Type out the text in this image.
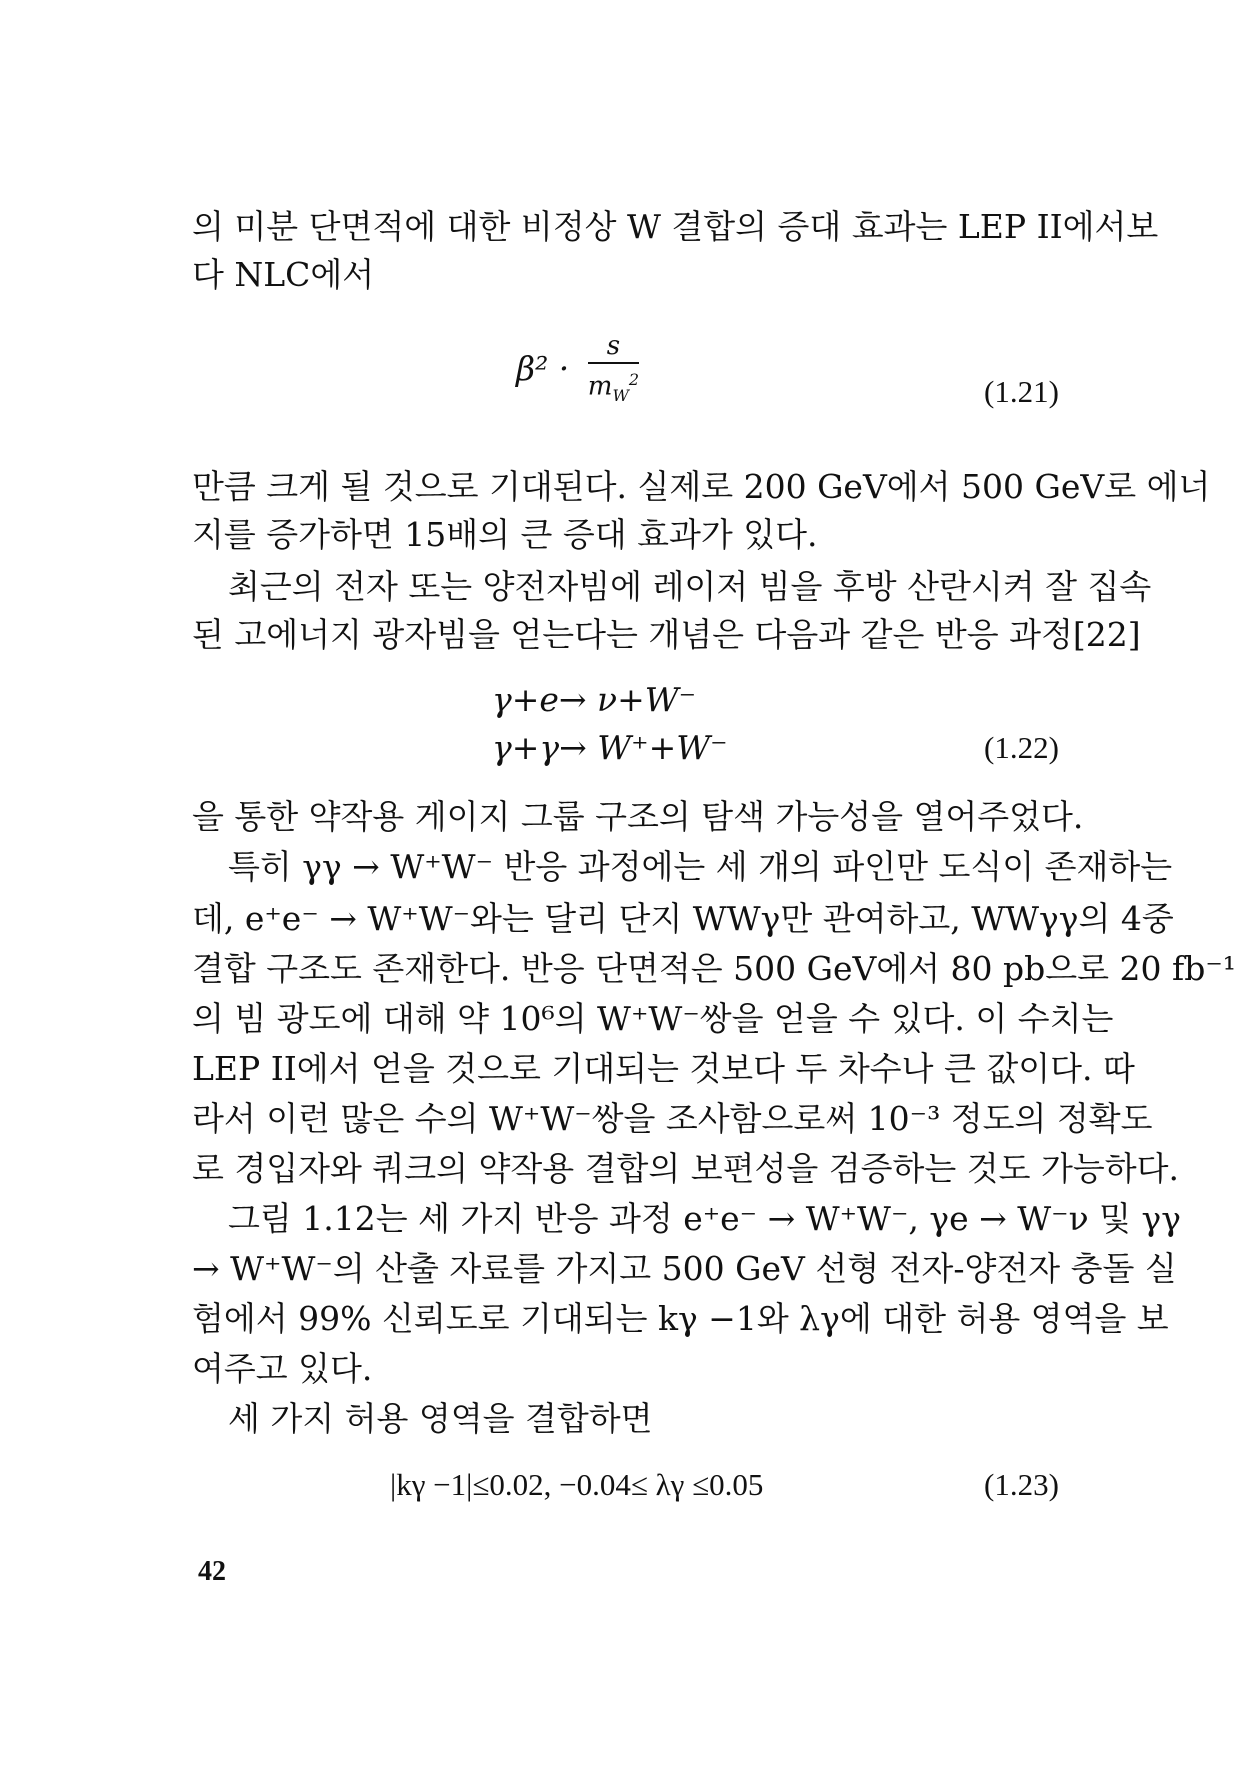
의 미분 단면적에 대한 비정상 W 결합의 증대 효과는 LEP II에서보
다 NLC에서
$\beta^2 \cdot \frac{s}{m_W^2}$	(1.21)
만큼 크게 될 것으로 기대된다. 실제로 200 GeV에서 500 GeV로 에너
지를 증가하면 15배의 큰 증대 효과가 있다.
최근의 전자 또는 양전자빔에 레이저 빔을 후방 산란시켜 잘 집속
된 고에너지 광자빔을 얻는다는 개념은 다음과 같은 반응 과정[22]
γ+e→ ν+W⁻
γ+γ→ W⁺+W⁻	(1.22)
을 통한 약작용 게이지 그룹 구조의 탐색 가능성을 열어주었다.
특히 γγ → W⁺W⁻ 반응 과정에는 세 개의 파인만 도식이 존재하는
데, e⁺e⁻ → W⁺W⁻와는 달리 단지 WWγ만 관여하고, WWγγ의 4중
결합 구조도 존재한다. 반응 단면적은 500 GeV에서 80 pb으로 20 fb⁻¹
의 빔 광도에 대해 약 10⁶의 W⁺W⁻쌍을 얻을 수 있다. 이 수치는
LEP II에서 얻을 것으로 기대되는 것보다 두 차수나 큰 값이다. 따
라서 이런 많은 수의 W⁺W⁻쌍을 조사함으로써 10⁻³ 정도의 정확도
로 경입자와 쿼크의 약작용 결합의 보편성을 검증하는 것도 가능하다.
그림 1.12는 세 가지 반응 과정 e⁺e⁻ → W⁺W⁻, γe → W⁻ν 및 γγ
→ W⁺W⁻의 산출 자료를 가지고 500 GeV 선형 전자-양전자 충돌 실
험에서 99% 신뢰도로 기대되는 kγ −1와 λγ에 대한 허용 영역을 보
여주고 있다.
세 가지 허용 영역을 결합하면
|kγ −1|≤0.02, −0.04≤ λγ ≤0.05	(1.23)
42
